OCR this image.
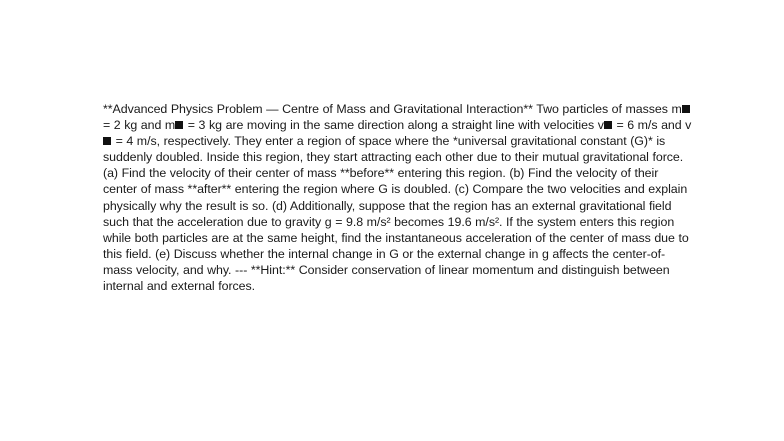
**Advanced Physics Problem — Centre of Mass and Gravitational Interaction** Two particles of masses m = 2 kg and m = 3 kg are moving in the same direction along a straight line with velocities v = 6 m/s and v = 4 m/s, respectively. They enter a region of space where the *universal gravitational constant (G)* is suddenly doubled. Inside this region, they start attracting each other due to their mutual gravitational force. (a) Find the velocity of their center of mass **before** entering this region. (b) Find the velocity of their center of mass **after** entering the region where G is doubled. (c) Compare the two velocities and explain physically why the result is so. (d) Additionally, suppose that the region has an external gravitational field such that the acceleration due to gravity g = 9.8 m/s² becomes 19.6 m/s². If the system enters this region while both particles are at the same height, find the instantaneous acceleration of the center of mass due to this field. (e) Discuss whether the internal change in G or the external change in g affects the center-of-mass velocity, and why. --- **Hint:** Consider conservation of linear momentum and distinguish between internal and external forces.
